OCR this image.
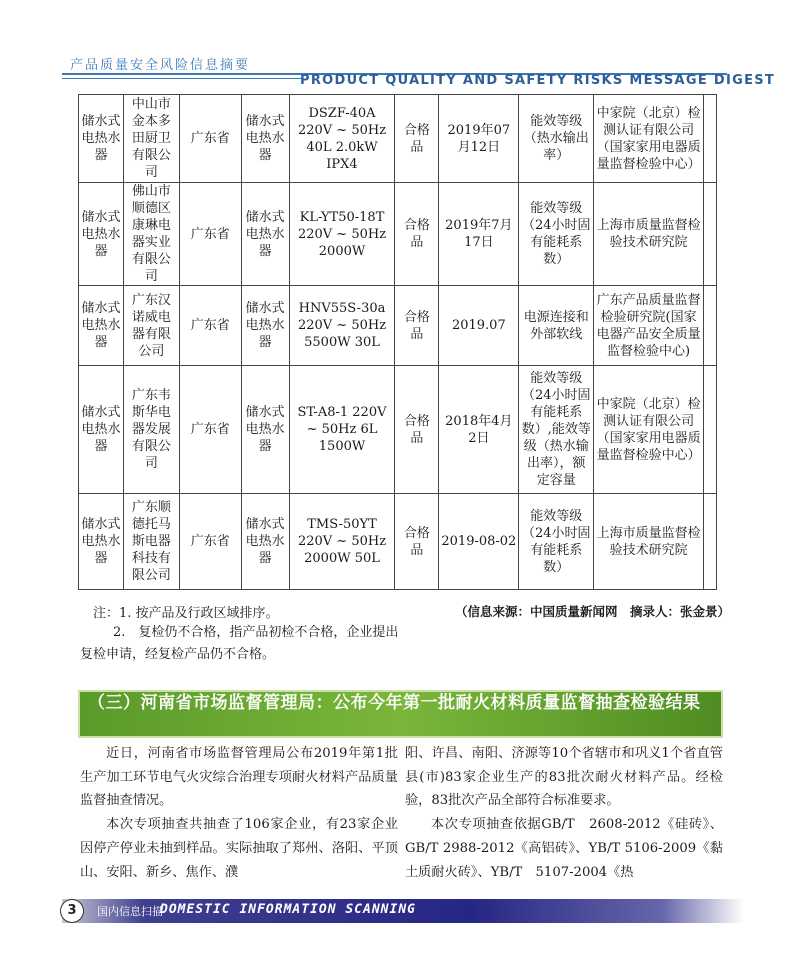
产品质量安全风险信息摘要
PRODUCT QUALITY AND SAFETY RISKS MESSAGE DIGEST
储水式电热水器	中山市金本多田厨卫有限公司	广东省	储水式电热水器	DSZF-40A 220V ~ 50Hz 40L 2.0kW IPX4	合格品	2019年07月12日	能效等级（热水输出率）	中家院（北京）检测认证有限公司（国家家用电器质量监督检验中心）	
储水式电热水器	佛山市顺德区康琳电器实业有限公司	广东省	储水式电热水器	KL-YT50-18T 220V ~ 50Hz 2000W	合格品	2019年7月17日	能效等级（24小时固有能耗系数）	上海市质量监督检验技术研究院	
储水式电热水器	广东汉诺威电器有限公司	广东省	储水式电热水器	HNV55S-30a 220V ~ 50Hz 5500W 30L	合格品	2019.07	电源连接和外部软线	广东产品质量监督检验研究院(国家电器产品安全质量监督检验中心)	
储水式电热水器	广东韦斯华电器发展有限公司	广东省	储水式电热水器	ST-A8-1 220V ~ 50Hz 6L 1500W	合格品	2018年4月2日	能效等级（24小时固有能耗系数）,能效等级（热水输出率），额定容量	中家院（北京）检测认证有限公司（国家家用电器质量监督检验中心）	
储水式电热水器	广东顺德托马斯电器科技有限公司	广东省	储水式电热水器	TMS-50YT 220V ~ 50Hz 2000W 50L	合格品	2019-08-02	能效等级（24小时固有能耗系数）	上海市质量监督检验技术研究院	
注：1. 按产品及行政区域排序。	（信息来源：中国质量新闻网　摘录人：张金景）
2.　复检仍不合格，指产品初检不合格，企业提出复检申请，经复检产品仍不合格。
（三）河南省市场监督管理局：公布今年第一批耐火材料质量监督抽查检验结果

近日，河南省市场监督管理局公布2019年第1批生产加工环节电气火灾综合治理专项耐火材料产品质量监督抽查情况。

本次专项抽查共抽查了106家企业，有23家企业因停产停业未抽到样品。实际抽取了郑州、洛阳、平顶山、安阳、新乡、焦作、濮

阳、许昌、南阳、济源等10个省辖市和巩义1个省直管县(市)83家企业生产的83批次耐火材料产品。经检验，83批次产品全部符合标准要求。

本次专项抽查依据GB/T　2608-2012《硅砖》、GB/T 2988-2012《高铝砖》、YB/T 5106-2009《黏土质耐火砖》、YB/T　5107-2004《热

3	国内信息扫描
DOMESTIC INFORMATION SCANNING
